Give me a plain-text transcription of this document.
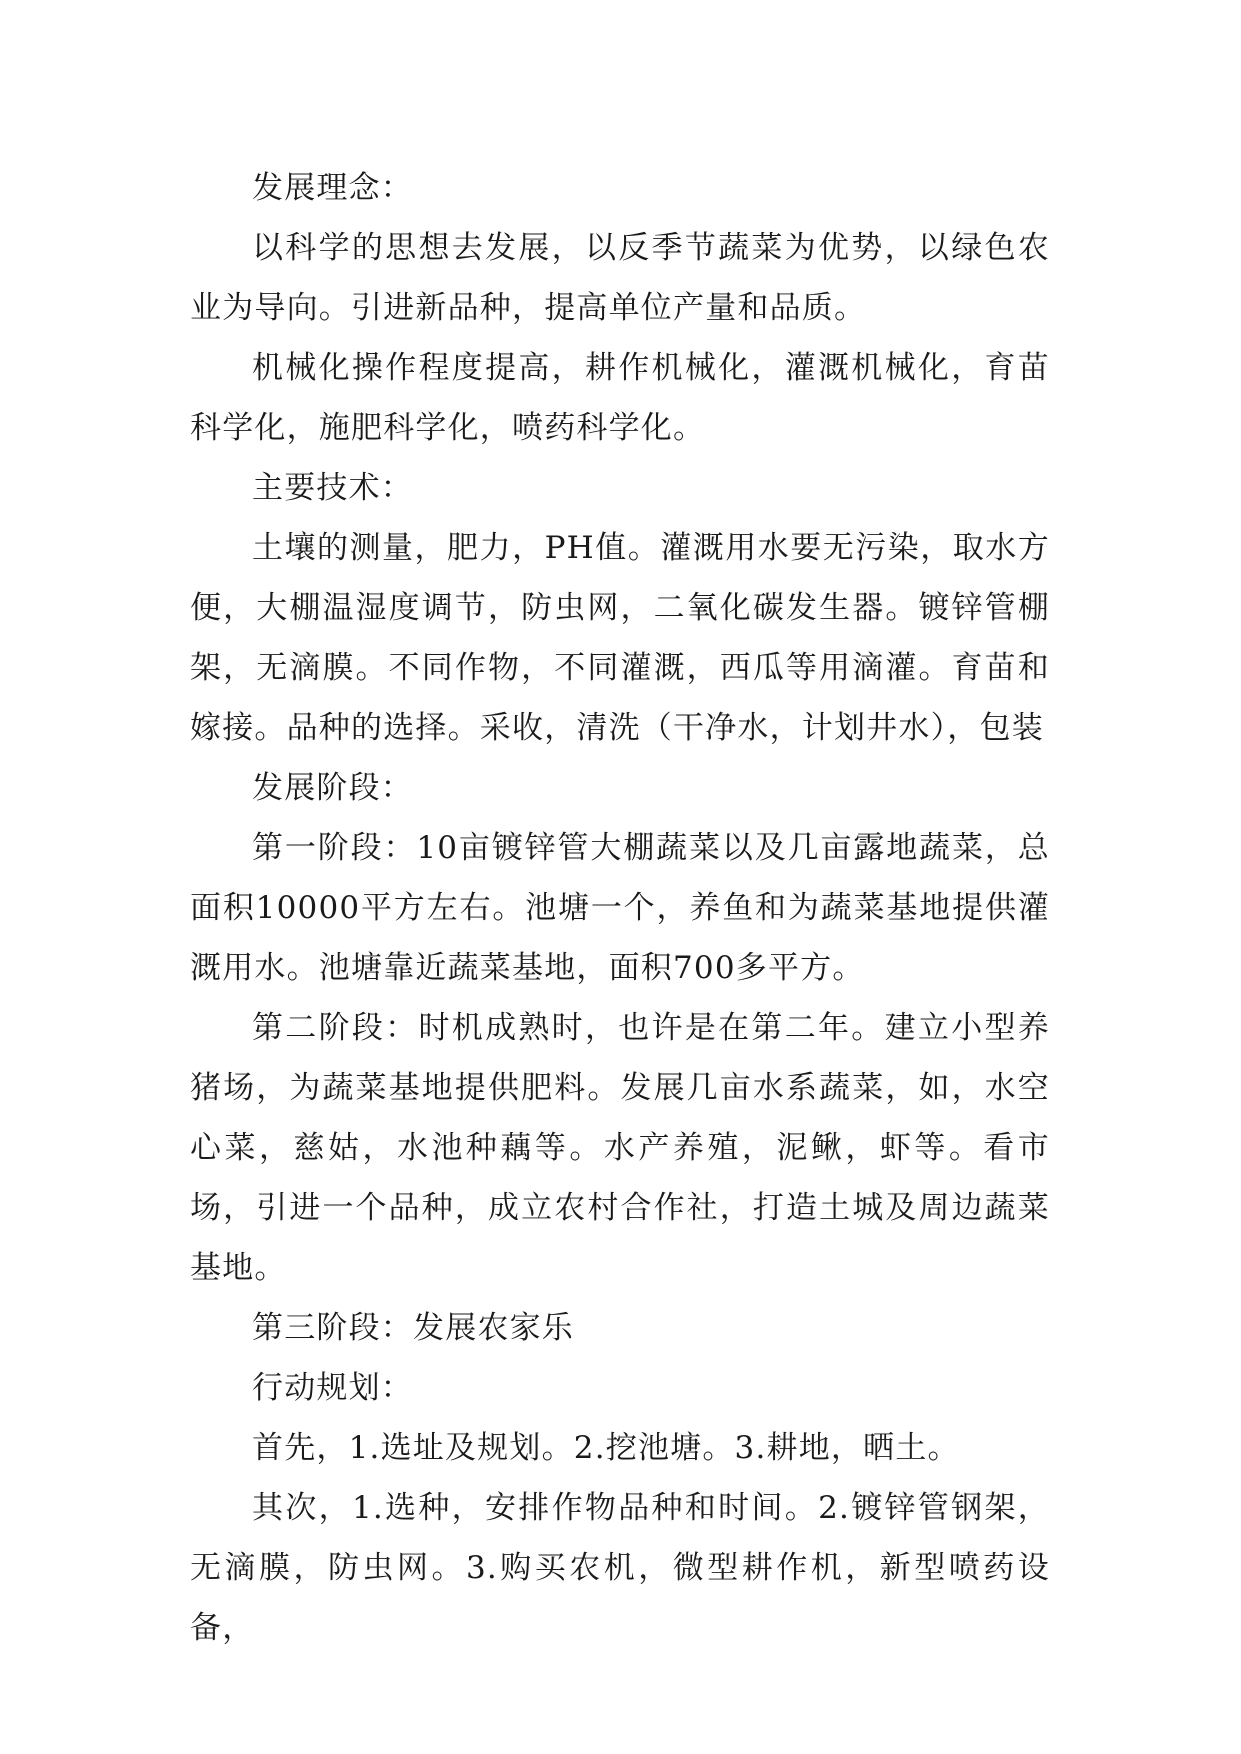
发展理念：

以科学的思想去发展，以反季节蔬菜为优势，以绿色农业为导向。引进新品种，提高单位产量和品质。

机械化操作程度提高，耕作机械化，灌溉机械化，育苗科学化，施肥科学化，喷药科学化。

主要技术：

土壤的测量，肥力，PH值。灌溉用水要无污染，取水方便，大棚温湿度调节，防虫网，二氧化碳发生器。镀锌管棚架，无滴膜。不同作物，不同灌溉，西瓜等用滴灌。育苗和嫁接。品种的选择。采收，清洗（干净水，计划井水），包装

发展阶段：

第一阶段：10亩镀锌管大棚蔬菜以及几亩露地蔬菜，总面积10000平方左右。池塘一个，养鱼和为蔬菜基地提供灌溉用水。池塘靠近蔬菜基地，面积700多平方。

第二阶段：时机成熟时，也许是在第二年。建立小型养猪场，为蔬菜基地提供肥料。发展几亩水系蔬菜，如，水空心菜，慈姑，水池种藕等。水产养殖，泥鳅，虾等。看市场，引进一个品种，成立农村合作社，打造土城及周边蔬菜基地。

第三阶段：发展农家乐

行动规划：

首先，1.选址及规划。2.挖池塘。3.耕地，晒土。

其次，1.选种，安排作物品种和时间。2.镀锌管钢架，无滴膜，防虫网。3.购买农机，微型耕作机，新型喷药设备，
